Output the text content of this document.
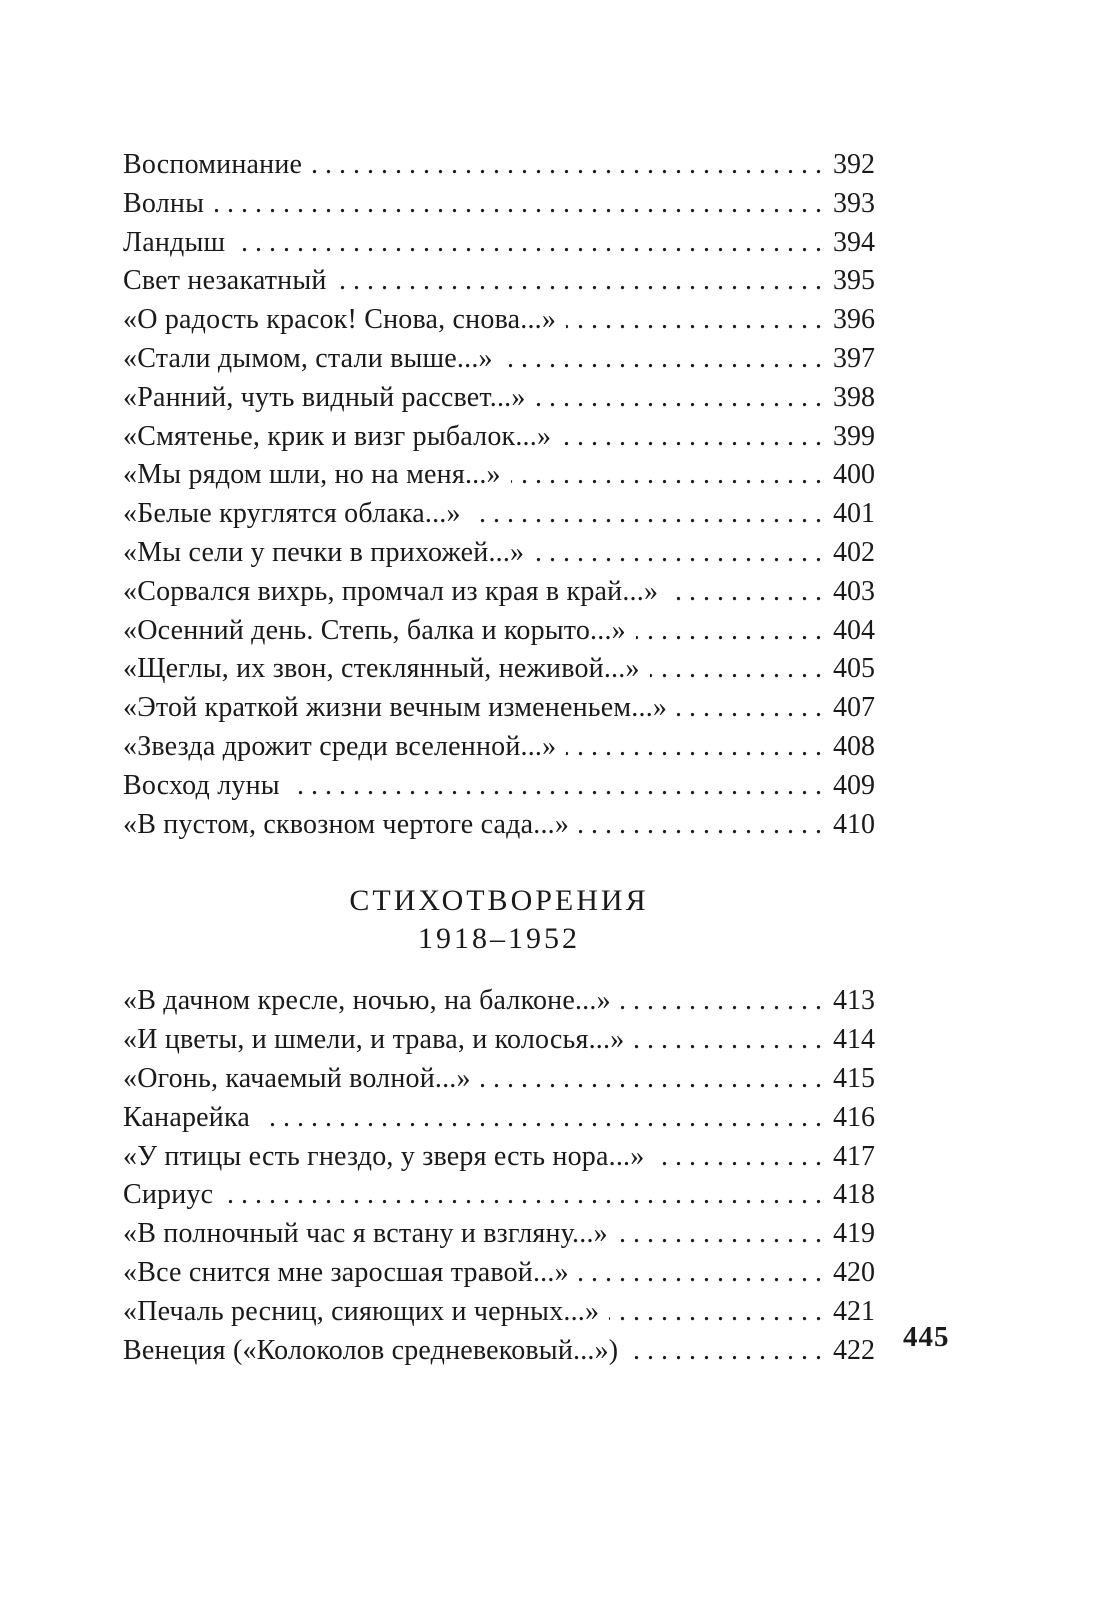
Воспоминание . . .	392
Волны . . .	393
Ландыш . . .	394
Свет незакатный . . .	395
«О радость красок! Снова, снова...» . . .	396
«Стали дымом, стали выше...» . . .	397
«Ранний, чуть видный рассвет...» . . .	398
«Смятенье, крик и визг рыбалок...» . . .	399
«Мы рядом шли, но на меня...» . . .	400
«Белые круглятся облака...» . . .	401
«Мы сели у печки в прихожей...» . . .	402
«Сорвался вихрь, промчал из края в край...» . . .	403
«Осенний день. Степь, балка и корыто...» . . .	404
«Щеглы, их звон, стеклянный, неживой...» . . .	405
«Этой краткой жизни вечным измененьем...» . . .	407
«Звезда дрожит среди вселенной...» . . .	408
Восход луны . . .	409
«В пустом, сквозном чертоге сада...» . . .	410
СТИХОТВОРЕНИЯ
1918–1952
«В дачном кресле, ночью, на балконе...» . . .	413
«И цветы, и шмели, и трава, и колосья...» . . .	414
«Огонь, качаемый волной...» . . .	415
Канарейка . . .	416
«У птицы есть гнездо, у зверя есть нора...» . . .	417
Сириус . . .	418
«В полночный час я встану и взгляну...» . . .	419
«Все снится мне заросшая травой...» . . .	420
«Печаль ресниц, сияющих и черных...» . . .	421
Венеция («Колоколов средневековый...») . . .	422 445
